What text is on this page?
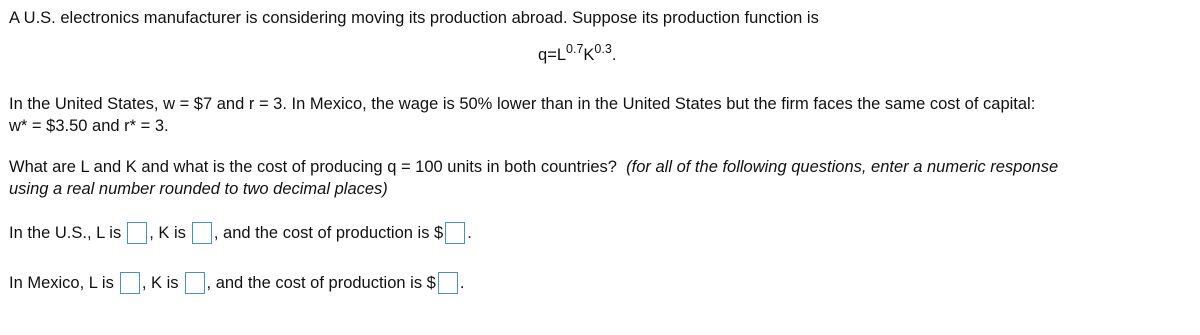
A U.S. electronics manufacturer is considering moving its production abroad. Suppose its production function is
$q=L^{0.7}K^{0.3}$.
In the United States, w = $7 and r = 3. In Mexico, the wage is 50% lower than in the United States but the firm faces the same cost of capital:
w* = $3.50 and r* = 3.
What are L and K and what is the cost of producing q = 100 units in both countries? (for all of the following questions, enter a numeric response
using a real number rounded to two decimal places)
In the U.S., L is , K is , and the cost of production is $ .
In Mexico, L is , K is , and the cost of production is $ .
